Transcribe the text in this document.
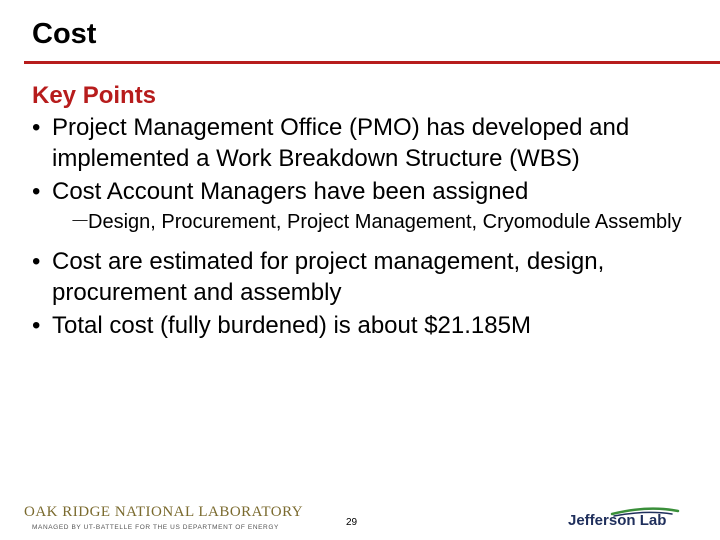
Cost
Key Points
• Project Management Office (PMO) has developed and implemented a Work Breakdown Structure (WBS)
• Cost Account Managers have been assigned
－
Design, Procurement, Project Management, Cryomodule Assembly
• Cost are estimated for project management, design, procurement and assembly
• Total cost (fully burdened) is about $21.185M
OAK RIDGE NATIONAL LABORATORY
MANAGED BY UT-BATTELLE FOR THE US DEPARTMENT OF ENERGY	29	Jefferson Lab
